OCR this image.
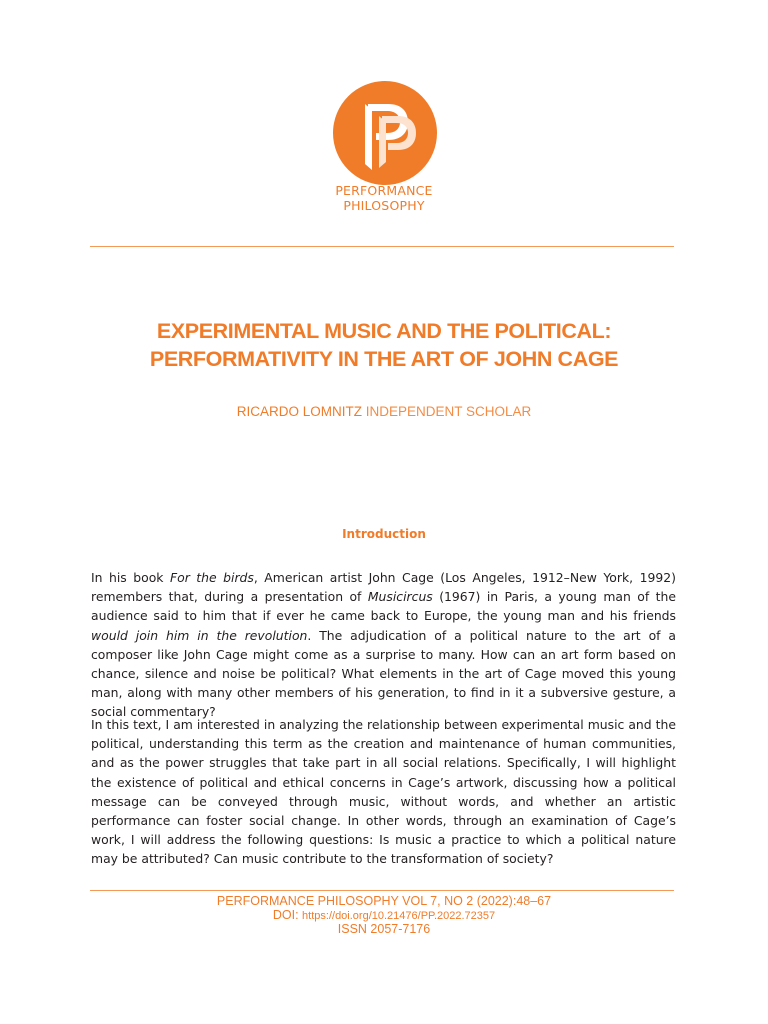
PERFORMANCE
PHILOSOPHY
EXPERIMENTAL MUSIC AND THE POLITICAL:
PERFORMATIVITY IN THE ART OF JOHN CAGE
RICARDO LOMNITZ INDEPENDENT SCHOLAR
Introduction

In his book For the birds, American artist John Cage (Los Angeles, 1912–New York, 1992) remembers that, during a presentation of Musicircus (1967) in Paris, a young man of the audience said to him that if ever he came back to Europe, the young man and his friends would join him in the revolution. The adjudication of a political nature to the art of a composer like John Cage might come as a surprise to many. How can an art form based on chance, silence and noise be political? What elements in the art of Cage moved this young man, along with many other members of his generation, to find in it a subversive gesture, a social commentary?

In this text, I am interested in analyzing the relationship between experimental music and the political, understanding this term as the creation and maintenance of human communities, and as the power struggles that take part in all social relations. Specifically, I will highlight the existence of political and ethical concerns in Cage’s artwork, discussing how a political message can be conveyed through music, without words, and whether an artistic performance can foster social change. In other words, through an examination of Cage’s work, I will address the following questions: Is music a practice to which a political nature may be attributed? Can music contribute to the transformation of society?

PERFORMANCE PHILOSOPHY VOL 7, NO 2 (2022):48–67
DOI: https://doi.org/10.21476/PP.2022.72357
ISSN 2057-7176
